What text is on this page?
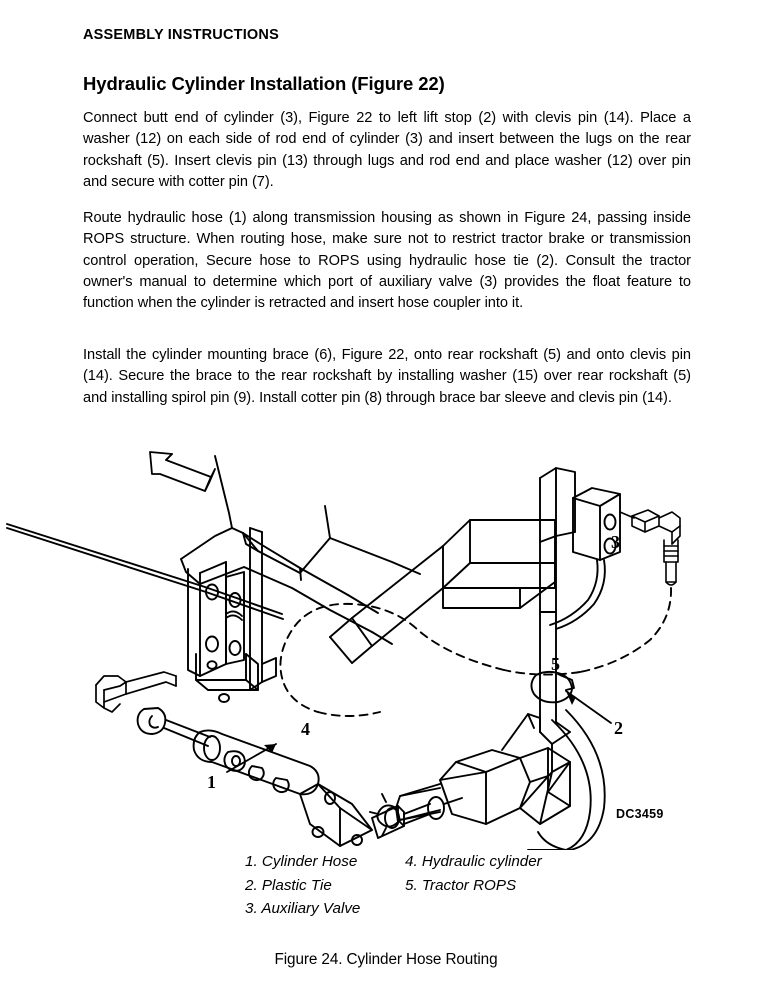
ASSEMBLY INSTRUCTIONS
Hydraulic Cylinder Installation (Figure 22)

Connect butt end of cylinder (3), Figure 22 to left lift stop (2) with clevis pin (14). Place a washer (12) on each side of rod end of cylinder (3) and insert between the lugs on the rear rockshaft (5). Insert clevis pin (13) through lugs and rod end and place washer (12) over pin and secure with cotter pin (7).

Route hydraulic hose (1) along transmission housing as shown in Figure 24, passing inside ROPS structure. When routing hose, make sure not to restrict tractor brake or transmission control operation, Secure hose to ROPS using hydraulic hose tie (2). Consult the tractor owner's manual to determine which port of auxiliary valve (3) provides the float feature to function when the cylinder is retracted and insert hose coupler into it.

Install the cylinder mounting brace (6), Figure 22, onto rear rockshaft (5) and onto clevis pin (14). Secure the brace to the rear rockshaft by installing washer (15) over rear rockshaft (5) and installing spirol pin (9). Install cotter pin (8) through brace bar sleeve and clevis pin (14).

1
2
3
4
5
DC3459
1. Cylinder Hose
2. Plastic Tie
3. Auxiliary Valve
4. Hydraulic cylinder
5. Tractor ROPS
Figure 24. Cylinder Hose Routing
